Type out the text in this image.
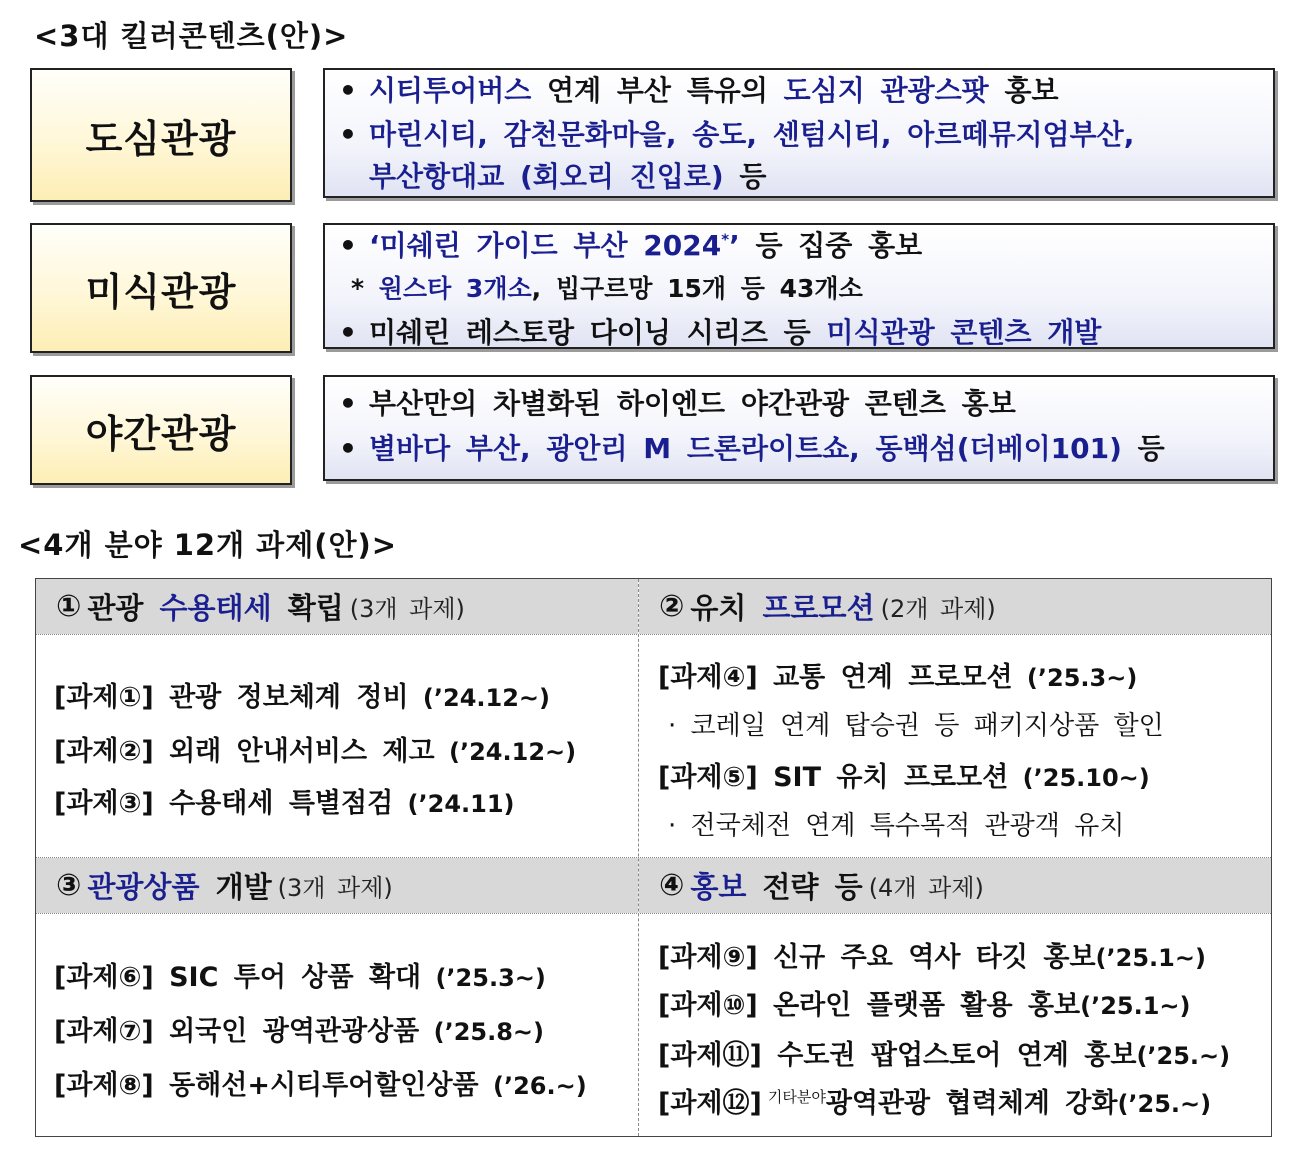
<3대 킬러콘텐츠(안)>
도심관광
• 시티투어버스 연계 부산 특유의 도심지 관광스팟 홍보
• 마린시티, 감천문화마을, 송도, 센텀시티, 아르떼뮤지엄부산,
부산항대교 (회오리 진입로) 등
미식관광
• ‘미쉐린 가이드 부산 2024*’ 등 집중 홍보
* 원스타 3개소, 빕구르망 15개 등 43개소
• 미쉐린 레스토랑 다이닝 시리즈 등 미식관광 콘텐츠 개발
야간관광
• 부산만의 차별화된 하이엔드 야간관광 콘텐츠 홍보
• 별바다 부산, 광안리 M 드론라이트쇼, 동백섬(더베이101) 등
<4개 분야 12개 과제(안)>
① 관광 수용태세 확립 (3개 과제)	② 유치 프로모션 (2개 과제)
③ 관광상품 개발 (3개 과제)	④ 홍보 전략 등 (4개 과제)
[과제①] 관광 정보체계 정비 (’24.12~)
[과제②] 외래 안내서비스 제고 (’24.12~)
[과제③] 수용태세 특별점검 (’24.11)
[과제④] 교통 연계 프로모션 (’25.3~)
· 코레일 연계 탑승권 등 패키지상품 할인
[과제⑤] SIT 유치 프로모션 (’25.10~)
· 전국체전 연계 특수목적 관광객 유치
[과제⑥] SIC 투어 상품 확대 (’25.3~)
[과제⑦] 외국인 광역관광상품 (’25.8~)
[과제⑧] 동해선+시티투어할인상품 (’26.~)
[과제⑨] 신규 주요 역사 타깃 홍보(’25.1~)
[과제⑩] 온라인 플랫폼 활용 홍보(’25.1~)
[과제⑪] 수도권 팝업스토어 연계 홍보(’25.~)
[과제⑫] $^{기타분야}$광역관광 협력체계 강화(’25.~)
